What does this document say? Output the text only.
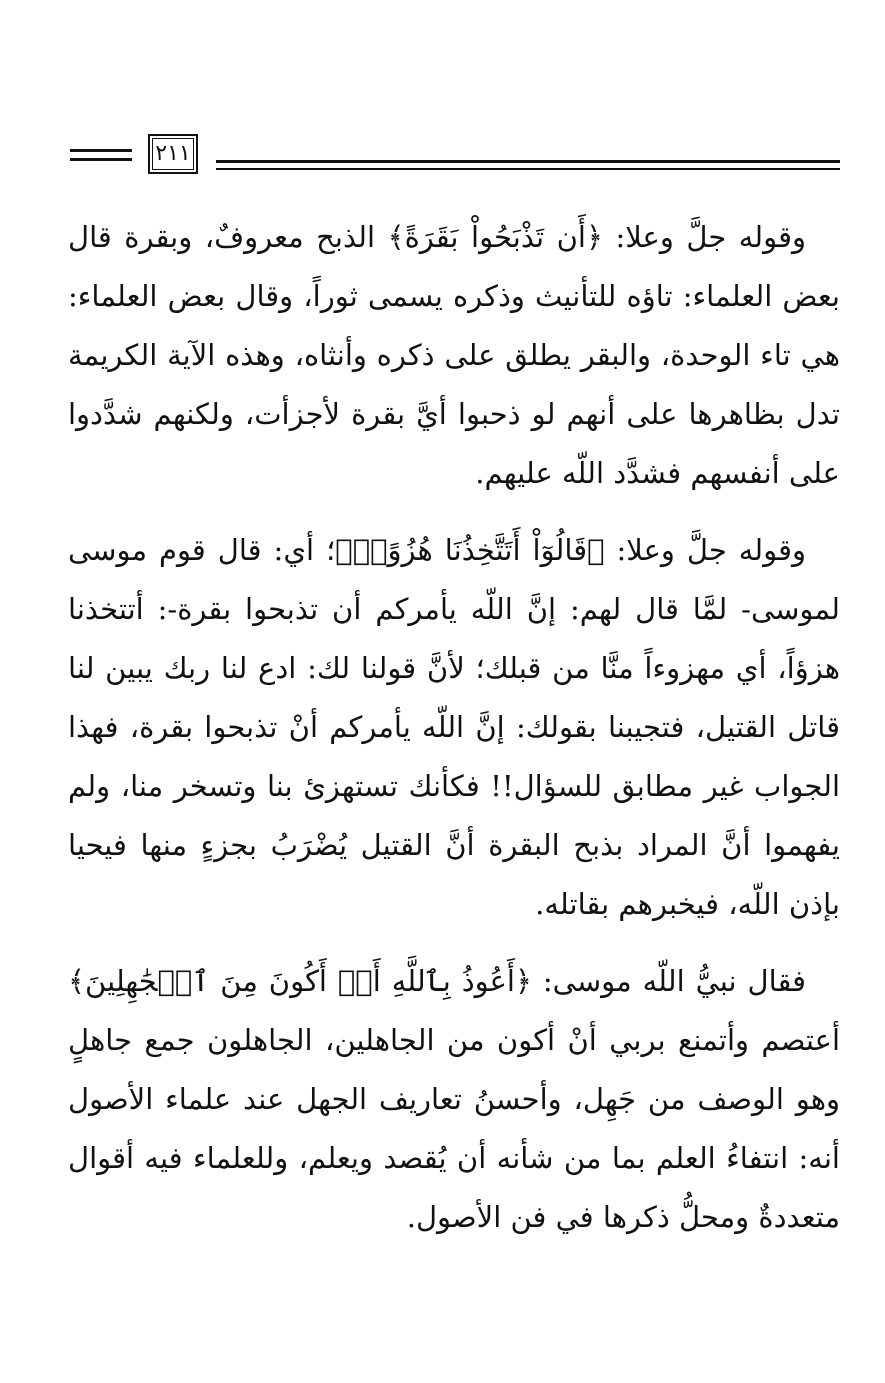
٢١١

وقوله جلَّ وعلا: ﴿أَن تَذْبَحُواْ بَقَرَةً﴾ الذبح معروفٌ، وبقرة قال بعض العلماء: تاؤه للتأنيث وذكره يسمى ثوراً، وقال بعض العلماء: هي تاء الوحدة، والبقر يطلق على ذكره وأنثاه، وهذه الآية الكريمة تدل بظاهرها على أنهم لو ذحبوا أيَّ بقرة لأجزأت، ولكنهم شدَّدوا على أنفسهم فشدَّد اللّه عليهم.

وقوله جلَّ وعلا: ﴿قَالُوٓاْ أَتَتَّخِذُنَا هُزُوًاۖ﴾؛ أي: قال قوم موسى لموسى- لمَّا قال لهم: إنَّ اللّه يأمركم أن تذبحوا بقرة-: أتتخذنا هزؤاً، أي مهزوءاً منَّا من قبلك؛ لأنَّ قولنا لك: ادع لنا ربك يبين لنا قاتل القتيل، فتجيبنا بقولك: إنَّ اللّه يأمركم أنْ تذبحوا بقرة، فهذا الجواب غير مطابق للسؤال!! فكأنك تستهزئ بنا وتسخر منا، ولم يفهموا أنَّ المراد بذبح البقرة أنَّ القتيل يُضْرَبُ بجزءٍ منها فيحيا بإذن اللّه، فيخبرهم بقاتله.

فقال نبيُّ اللّه موسى: ﴿أَعُوذُ بِٱللَّهِ أَنۡ أَكُونَ مِنَ ٱلۡجَٰهِلِينَ﴾ أعتصم وأتمنع بربي أنْ أكون من الجاهلين، الجاهلون جمع جاهلٍ وهو الوصف من جَهِل، وأحسنُ تعاريف الجهل عند علماء الأصول أنه: انتفاءُ العلم بما من شأنه أن يُقصد ويعلم، وللعلماء فيه أقوال متعددةٌ ومحلُّ ذكرها في فن الأصول.
